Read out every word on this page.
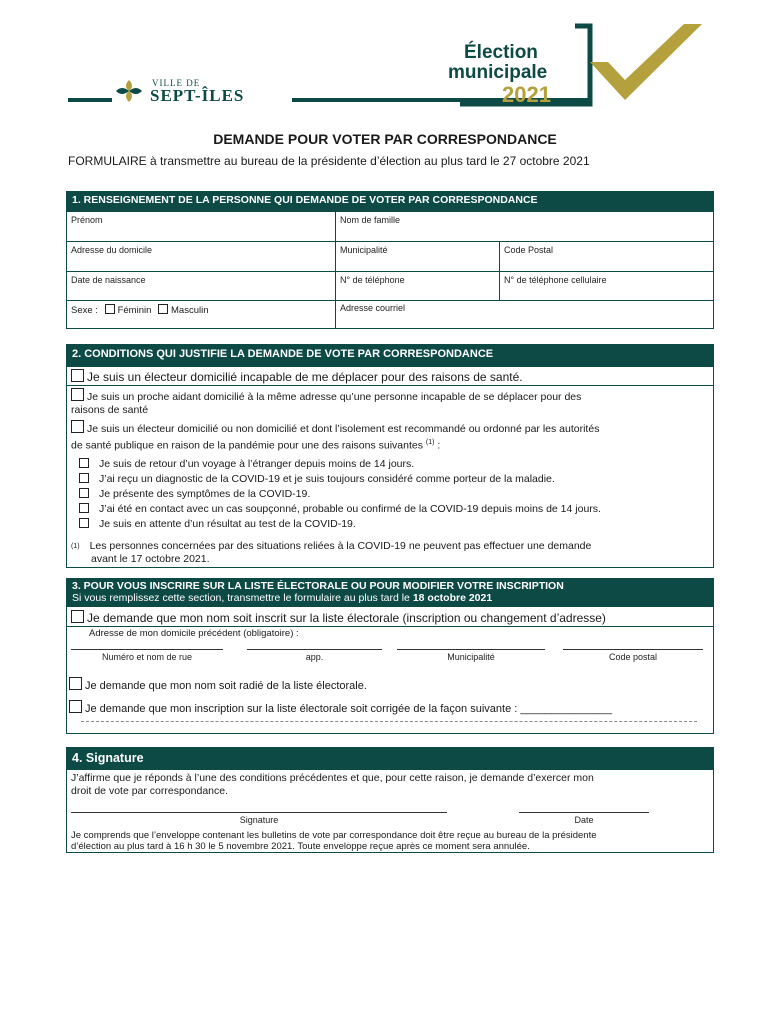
VILLE DE
SEPT-ÎLES
Élection
municipale
2021
DEMANDE POUR VOTER PAR CORRESPONDANCE
FORMULAIRE à transmettre au bureau de la présidente d’élection au plus tard le 27 octobre 2021
1. RENSEIGNEMENT DE LA PERSONNE QUI DEMANDE DE VOTER PAR CORRESPONDANCE
Prénom	Nom de famille
Adresse du domicile	Municipalité	Code Postal
Date de naissance	N° de téléphone	N° de téléphone cellulaire
Sexe : Féminin Masculin	Adresse courriel
2. CONDITIONS QUI JUSTIFIE LA DEMANDE DE VOTE PAR CORRESPONDANCE
Je suis un électeur domicilié incapable de me déplacer pour des raisons de santé.
Je suis un proche aidant domicilié à la même adresse qu’une personne incapable de se déplacer pour des
raisons de santé
Je suis un électeur domicilié ou non domicilié et dont l’isolement est recommandé ou ordonné par les autorités
de santé publique en raison de la pandémie pour une des raisons suivantes $^{(1)}$ :
Je suis de retour d’un voyage à l’étranger depuis moins de 14 jours.
J’ai reçu un diagnostic de la COVID-19 et je suis toujours considéré comme porteur de la maladie.
Je présente des symptômes de la COVID-19.
J’ai été en contact avec un cas soupçonné, probable ou confirmé de la COVID-19 depuis moins de 14 jours.
Je suis en attente d’un résultat au test de la COVID-19.
$^{(1)}$ Les personnes concernées par des situations reliées à la COVID-19 ne peuvent pas effectuer une demande
avant le 17 octobre 2021.
3. POUR VOUS INSCRIRE SUR LA LISTE ÉLECTORALE OU POUR MODIFIER VOTRE INSCRIPTION
Si vous remplissez cette section, transmettre le formulaire au plus tard le 18 octobre 2021
Je demande que mon nom soit inscrit sur la liste électorale (inscription ou changement d’adresse)
Adresse de mon domicile précédent (obligatoire) :
Numéro et nom de rue	app.	Municipalité	Code postal
Je demande que mon nom soit radié de la liste électorale.
Je demande que mon inscription sur la liste électorale soit corrigée de la façon suivante : _______________
4. Signature
J’affirme que je réponds à l’une des conditions précédentes et que, pour cette raison, je demande d’exercer mon
droit de vote par correspondance.
Signature	Date
Je comprends que l’enveloppe contenant les bulletins de vote par correspondance doit être reçue au bureau de la présidente
d’élection au plus tard à 16 h 30 le 5 novembre 2021. Toute enveloppe reçue après ce moment sera annulée.
